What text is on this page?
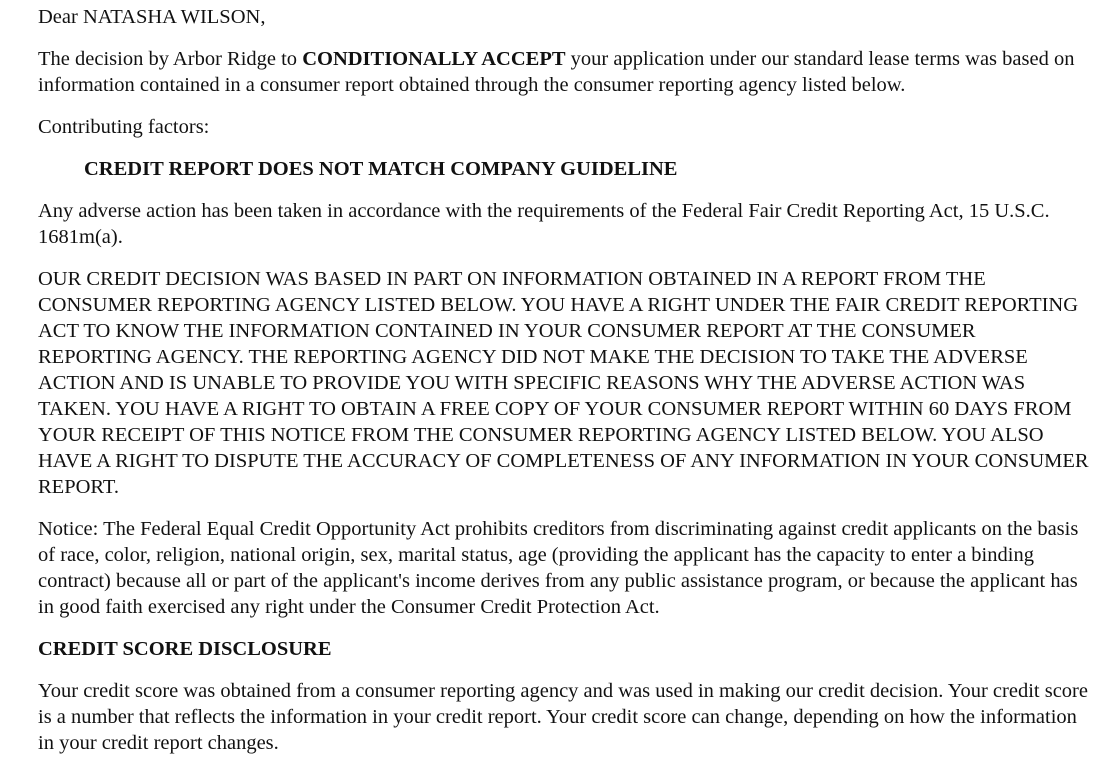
Dear NATASHA WILSON,

The decision by Arbor Ridge to CONDITIONALLY ACCEPT your application under our standard lease terms was based on information contained in a consumer report obtained through the consumer reporting agency listed below.

Contributing factors:

CREDIT REPORT DOES NOT MATCH COMPANY GUIDELINE

Any adverse action has been taken in accordance with the requirements of the Federal Fair Credit Reporting Act, 15 U.S.C. 1681m(a).

OUR CREDIT DECISION WAS BASED IN PART ON INFORMATION OBTAINED IN A REPORT FROM THE CONSUMER REPORTING AGENCY LISTED BELOW. YOU HAVE A RIGHT UNDER THE FAIR CREDIT REPORTING ACT TO KNOW THE INFORMATION CONTAINED IN YOUR CONSUMER REPORT AT THE CONSUMER REPORTING AGENCY. THE REPORTING AGENCY DID NOT MAKE THE DECISION TO TAKE THE ADVERSE ACTION AND IS UNABLE TO PROVIDE YOU WITH SPECIFIC REASONS WHY THE ADVERSE ACTION WAS TAKEN. YOU HAVE A RIGHT TO OBTAIN A FREE COPY OF YOUR CONSUMER REPORT WITHIN 60 DAYS FROM YOUR RECEIPT OF THIS NOTICE FROM THE CONSUMER REPORTING AGENCY LISTED BELOW. YOU ALSO HAVE A RIGHT TO DISPUTE THE ACCURACY OF COMPLETENESS OF ANY INFORMATION IN YOUR CONSUMER REPORT.

Notice: The Federal Equal Credit Opportunity Act prohibits creditors from discriminating against credit applicants on the basis of race, color, religion, national origin, sex, marital status, age (providing the applicant has the capacity to enter a binding contract) because all or part of the applicant's income derives from any public assistance program, or because the applicant has in good faith exercised any right under the Consumer Credit Protection Act.

CREDIT SCORE DISCLOSURE

Your credit score was obtained from a consumer reporting agency and was used in making our credit decision. Your credit score is a number that reflects the information in your credit report. Your credit score can change, depending on how the information in your credit report changes.
